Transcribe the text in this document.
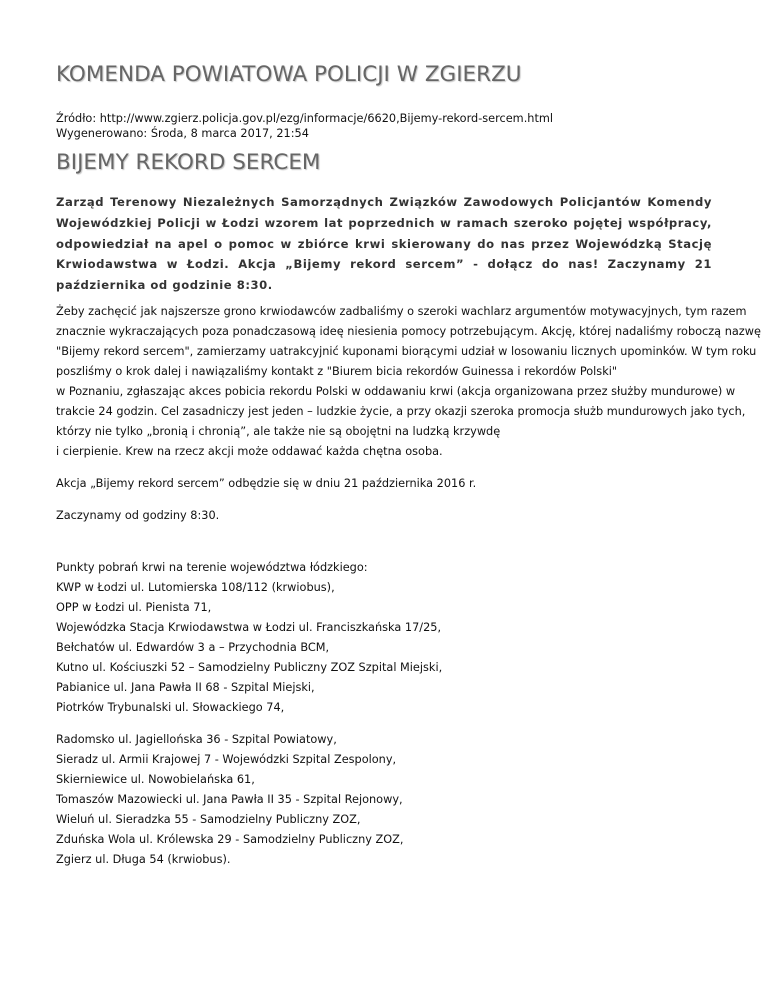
KOMENDA POWIATOWA POLICJI W ZGIERZU
Źródło: http://www.zgierz.policja.gov.pl/ezg/informacje/6620,Bijemy-rekord-sercem.html
Wygenerowano: Środa, 8 marca 2017, 21:54
BIJEMY REKORD SERCEM

Zarząd Terenowy Niezależnych Samorządnych Związków Zawodowych Policjantów Komendy Wojewódzkiej Policji w Łodzi wzorem lat poprzednich w ramach szeroko pojętej współpracy, odpowiedział na apel o pomoc w zbiórce krwi skierowany do nas przez Wojewódzką Stację Krwiodawstwa w Łodzi. Akcja „Bijemy rekord sercem” - dołącz do nas! Zaczynamy 21 października od godzinie 8:30.

Żeby zachęcić jak najszersze grono krwiodawców zadbaliśmy o szeroki wachlarz argumentów motywacyjnych, tym razem
znacznie wykraczających poza ponadczasową ideę niesienia pomocy potrzebującym. Akcję, której nadaliśmy roboczą nazwę
"Bijemy rekord sercem", zamierzamy uatrakcyjnić kuponami biorącymi udział w losowaniu licznych upominków. W tym roku
poszliśmy o krok dalej i nawiązaliśmy kontakt z "Biurem bicia rekordów Guinessa i rekordów Polski"
w Poznaniu, zgłaszając akces pobicia rekordu Polski w oddawaniu krwi (akcja organizowana przez służby mundurowe) w
trakcie 24 godzin. Cel zasadniczy jest jeden – ludzkie życie, a przy okazji szeroka promocja służb mundurowych jako tych,
którzy nie tylko „bronią i chronią”, ale także nie są obojętni na ludzką krzywdę
i cierpienie. Krew na rzecz akcji może oddawać każda chętna osoba.
Akcja „Bijemy rekord sercem” odbędzie się w dniu 21 października 2016 r.
Zaczynamy od godziny 8:30.
Punkty pobrań krwi na terenie województwa łódzkiego:
KWP w Łodzi ul. Lutomierska 108/112 (krwiobus),
OPP w Łodzi ul. Pienista 71,
Wojewódzka Stacja Krwiodawstwa w Łodzi ul. Franciszkańska 17/25,
Bełchatów ul. Edwardów 3 a – Przychodnia BCM,
Kutno ul. Kościuszki 52 – Samodzielny Publiczny ZOZ Szpital Miejski,
Pabianice ul. Jana Pawła II 68 - Szpital Miejski,
Piotrków Trybunalski ul. Słowackiego 74,
Radomsko ul. Jagiellońska 36 - Szpital Powiatowy,
Sieradz ul. Armii Krajowej 7 - Wojewódzki Szpital Zespolony,
Skierniewice ul. Nowobielańska 61,
Tomaszów Mazowiecki ul. Jana Pawła II 35 - Szpital Rejonowy,
Wieluń ul. Sieradzka 55 - Samodzielny Publiczny ZOZ,
Zduńska Wola ul. Królewska 29 - Samodzielny Publiczny ZOZ,
Zgierz ul. Długa 54 (krwiobus).
